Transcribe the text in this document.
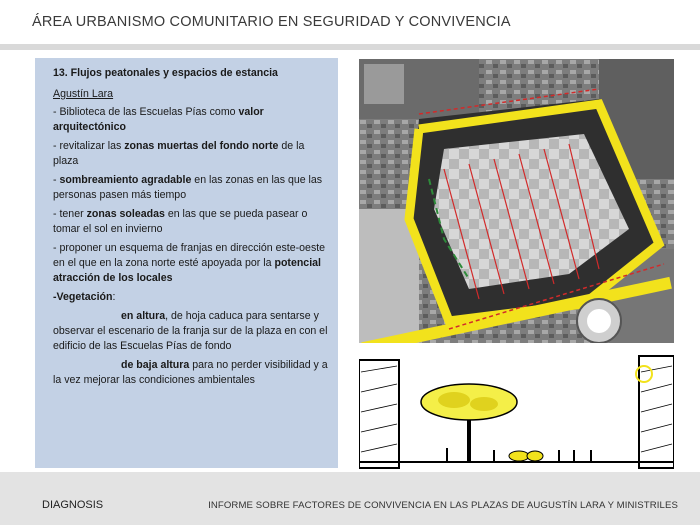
ÁREA URBANISMO COMUNITARIO EN SEGURIDAD Y CONVIVENCIA
13. Flujos peatonales y espacios de estancia
Agustín Lara

- Biblioteca de las Escuelas Pías como valor arquitectónico

- revitalizar las zonas muertas del fondo norte de la plaza

- sombreamiento agradable en las zonas en las que las personas pasen más tiempo

- tener zonas soleadas en las que se pueda pasear o tomar el sol en invierno

- proponer un esquema de franjas en dirección este-oeste en el que en la zona norte esté apoyada por la potencial atracción de los locales

-Vegetación:

en altura, de hoja caduca para sentarse y observar el escenario de la franja sur de la plaza en con el edificio de las Escuelas Pías de fondo

de baja altura para no perder visibilidad y a la vez mejorar las condiciones ambientales

DIAGNOSIS	INFORME SOBRE FACTORES DE CONVIVENCIA EN LAS PLAZAS DE AUGUSTÍN LARA Y MINISTRILES
